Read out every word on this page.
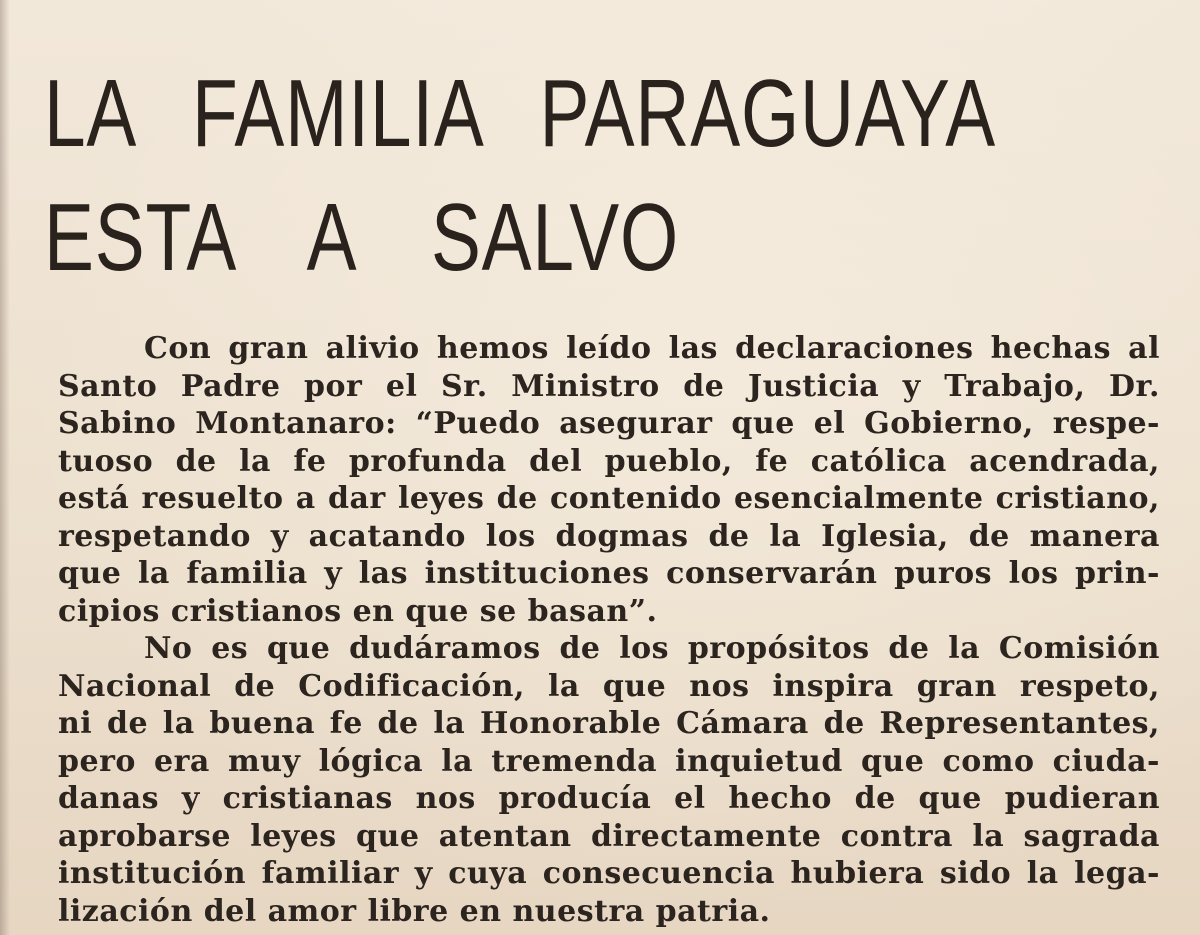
LA FAMILIA PARAGUAYA
ESTA A SALVO

Con gran alivio hemos leído las declaraciones hechas al
Santo Padre por el Sr. Ministro de Justicia y Trabajo, Dr.
Sabino Montanaro: “Puedo asegurar que el Gobierno, respe-
tuoso de la fe profunda del pueblo, fe católica acendrada,
está resuelto a dar leyes de contenido esencialmente cristiano,
respetando y acatando los dogmas de la Iglesia, de manera
que la familia y las instituciones conservarán puros los prin-
cipios cristianos en que se basan”.

No es que dudáramos de los propósitos de la Comisión
Nacional de Codificación, la que nos inspira gran respeto,
ni de la buena fe de la Honorable Cámara de Representantes,
pero era muy lógica la tremenda inquietud que como ciuda-
danas y cristianas nos producía el hecho de que pudieran
aprobarse leyes que atentan directamente contra la sagrada
institución familiar y cuya consecuencia hubiera sido la lega-
lización del amor libre en nuestra patria.
